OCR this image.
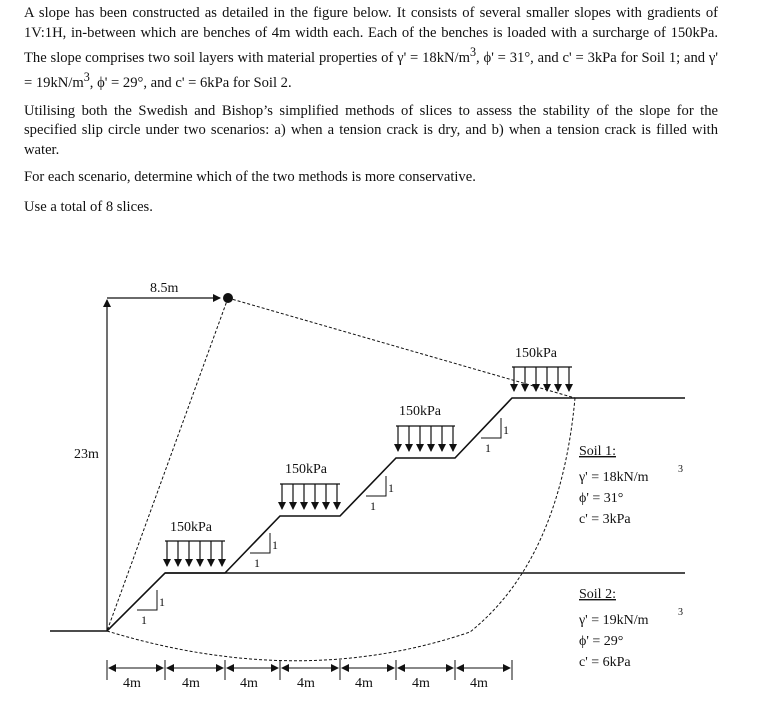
A slope has been constructed as detailed in the figure below. It consists of several smaller slopes with gradients of 1V:1H, in-between which are benches of 4m width each. Each of the benches is loaded with a surcharge of 150kPa. The slope comprises two soil layers with material properties of $\gamma' = 18kN/m^3$, ϕ' = 31°, and c' = 3kPa for Soil 1; and $\gamma' = 19kN/m^3$, ϕ' = 29°, and c' = 6kPa for Soil 2.

Utilising both the Swedish and Bishop’s simplified methods of slices to assess the stability of the slope for the specified slip circle under two scenarios: a) when a tension crack is dry, and b) when a tension crack is filled with water.

For each scenario, determine which of the two methods is more conservative.

Use a total of 8 slices.

23m
8.5m
150kPa
150kPa
150kPa
150kPa
1
1
1
1
1
1
1
1	Soil 1:
γ' = 18kN/m
3
ϕ' = 31°
c' = 3kPa
Soil 2:
γ' = 19kN/m
3
ϕ' = 29°
c' = 6kPa
4m	4m	4m	4m	4m	4m	4m
